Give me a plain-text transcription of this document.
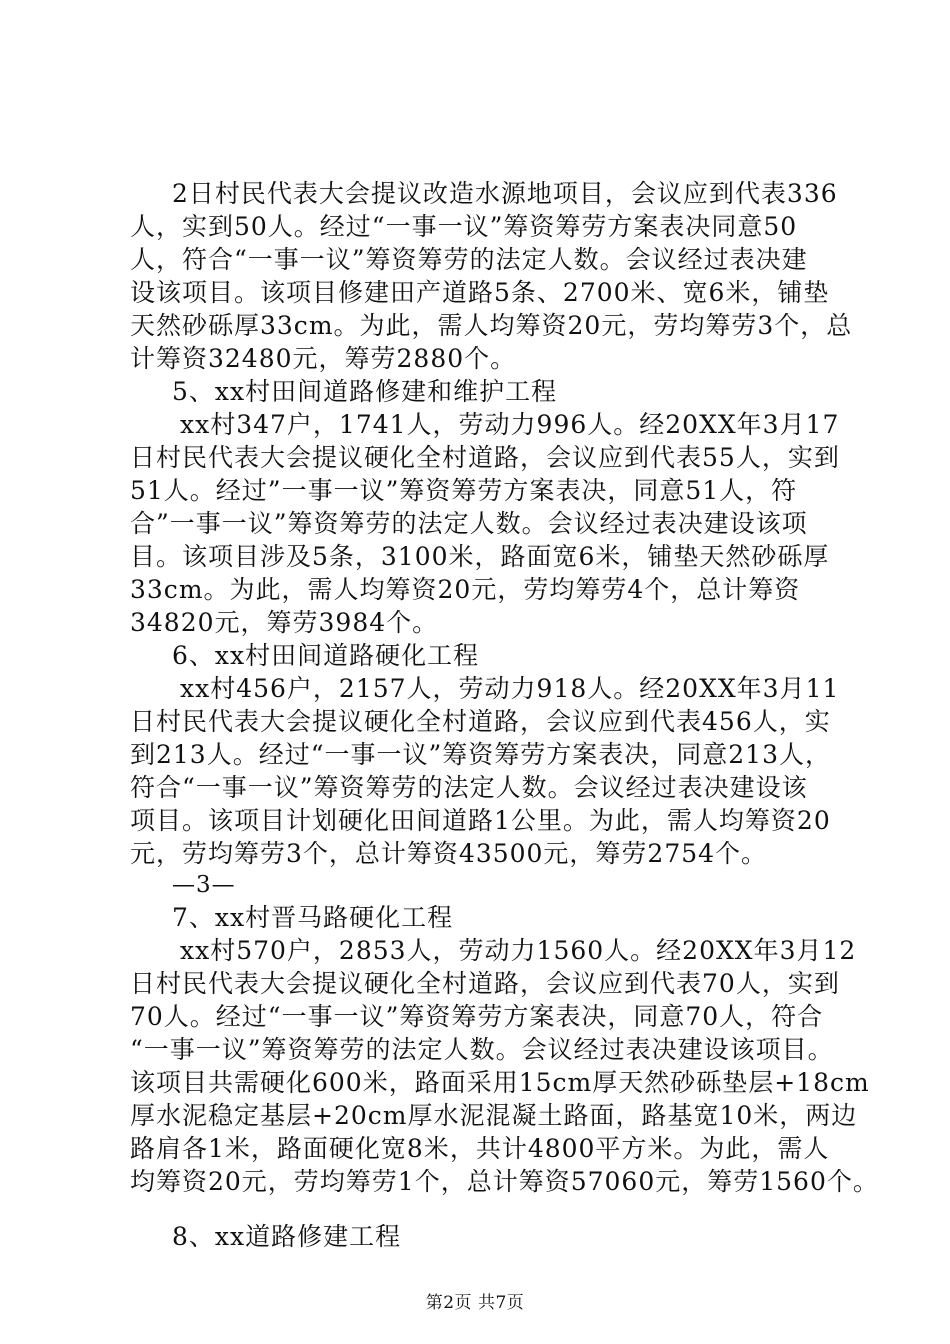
2日村民代表大会提议改造水源地项目，会议应到代表336
人，实到50人。经过“一事一议”筹资筹劳方案表决同意50
人，符合“一事一议”筹资筹劳的法定人数。会议经过表决建
设该项目。该项目修建田产道路5条、2700米、宽6米，铺垫
天然砂砾厚33cm。为此，需人均筹资20元，劳均筹劳3个，总
计筹资32480元，筹劳2880个。
5、xx村田间道路修建和维护工程
xx村347户，1741人，劳动力996人。经20XX年3月17
日村民代表大会提议硬化全村道路，会议应到代表55人，实到
51人。经过”一事一议”筹资筹劳方案表决，同意51人，符
合”一事一议”筹资筹劳的法定人数。会议经过表决建设该项
目。该项目涉及5条，3100米，路面宽6米，铺垫天然砂砾厚
33cm。为此，需人均筹资20元，劳均筹劳4个，总计筹资
34820元，筹劳3984个。
6、xx村田间道路硬化工程
xx村456户，2157人，劳动力918人。经20XX年3月11
日村民代表大会提议硬化全村道路，会议应到代表456人，实
到213人。经过“一事一议”筹资筹劳方案表决，同意213人，
符合“一事一议”筹资筹劳的法定人数。会议经过表决建设该
项目。该项目计划硬化田间道路1公里。为此，需人均筹资20
元，劳均筹劳3个，总计筹资43500元，筹劳2754个。
—3—
7、xx村晋马路硬化工程
xx村570户，2853人，劳动力1560人。经20XX年3月12
日村民代表大会提议硬化全村道路，会议应到代表70人，实到
70人。经过“一事一议”筹资筹劳方案表决，同意70人，符合
“一事一议”筹资筹劳的法定人数。会议经过表决建设该项目。
该项目共需硬化600米，路面采用15cm厚天然砂砾垫层+18cm
厚水泥稳定基层+20cm厚水泥混凝土路面，路基宽10米，两边
路肩各1米，路面硬化宽8米，共计4800平方米。为此，需人
均筹资20元，劳均筹劳1个，总计筹资57060元，筹劳1560个。
8、xx道路修建工程
第2页 共7页
